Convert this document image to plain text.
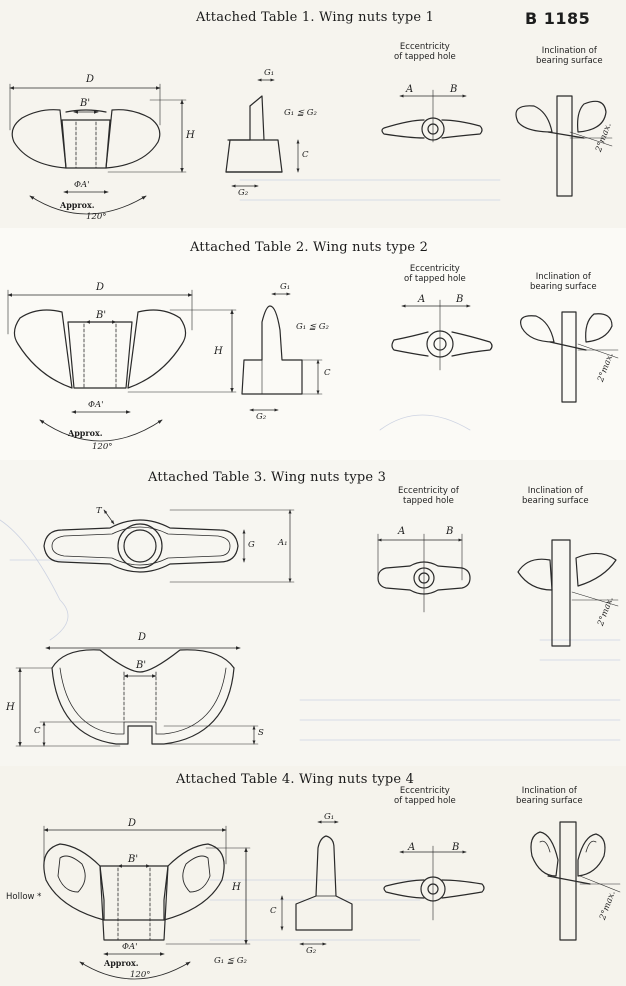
B 1185
Attached Table 1. Wing nuts type 1
Eccentricity
of tapped hole
Inclination of
bearing surface
D
B'
H
ΦA'
Approx.
120°
G₁
G₁ ≦ G₂
C
G₂
A	B
2°max.
Attached Table 2. Wing nuts type 2
Eccentricity
of tapped hole	Inclination of
bearing surface
D
B'
H
ΦA'
Approx.
120°
G₁
G₁ ≦ G₂
C
G₂
A	B
2°max.
Attached Table 3. Wing nuts type 3
Eccentricity of
tapped hole
Inclination of
bearing surface
T
G	A₁
D
B'
H
C	S
A	B
2°max.
Attached Table 4. Wing nuts type 4
Eccentricity
of tapped hole
Inclination of
bearing surface
Hollow *
D
B'
H
ΦA'
Approx.
120°
G₁
C
G₂
G₁ ≦ G₂
A	B
2°max.
